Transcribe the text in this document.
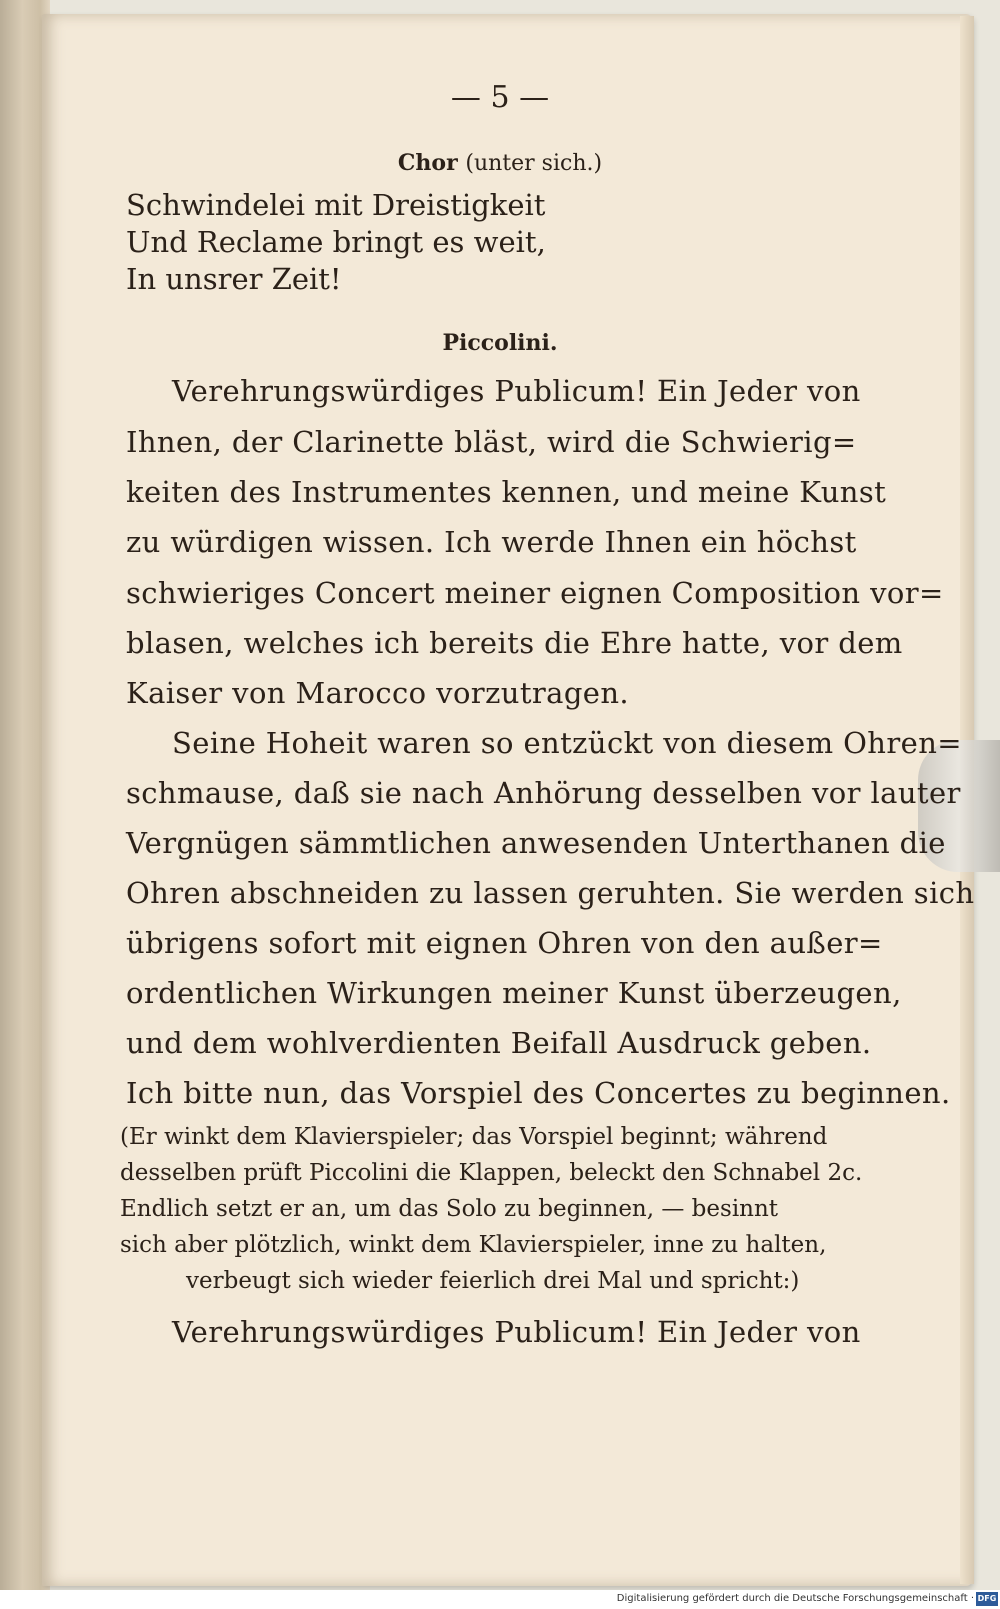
— 5 —
Chor (unter sich.)
Schwindelei mit Dreistigkeit
Und Reclame bringt es weit,
In unsrer Zeit!
Piccolini.
Verehrungswürdiges Publicum! Ein Jeder von
Ihnen, der Clarinette bläst, wird die Schwierig=
keiten des Instrumentes kennen, und meine Kunst
zu würdigen wissen. Ich werde Ihnen ein höchst
schwieriges Concert meiner eignen Composition vor=
blasen, welches ich bereits die Ehre hatte, vor dem
Kaiser von Marocco vorzutragen.
Seine Hoheit waren so entzückt von diesem Ohren=
schmause, daß sie nach Anhörung desselben vor lauter
Vergnügen sämmtlichen anwesenden Unterthanen die
Ohren abschneiden zu lassen geruhten. Sie werden sich
übrigens sofort mit eignen Ohren von den außer=
ordentlichen Wirkungen meiner Kunst überzeugen,
und dem wohlverdienten Beifall Ausdruck geben.
Ich bitte nun, das Vorspiel des Concertes zu beginnen.
(Er winkt dem Klavierspieler; das Vorspiel beginnt; während
desselben prüft Piccolini die Klappen, beleckt den Schnabel 2c.
Endlich setzt er an, um das Solo zu beginnen, — besinnt
sich aber plötzlich, winkt dem Klavierspieler, inne zu halten,
verbeugt sich wieder feierlich drei Mal und spricht:)
Verehrungswürdiges Publicum! Ein Jeder von
Digitalisierung gefördert durch die Deutsche Forschungsgemeinschaft · DFG
